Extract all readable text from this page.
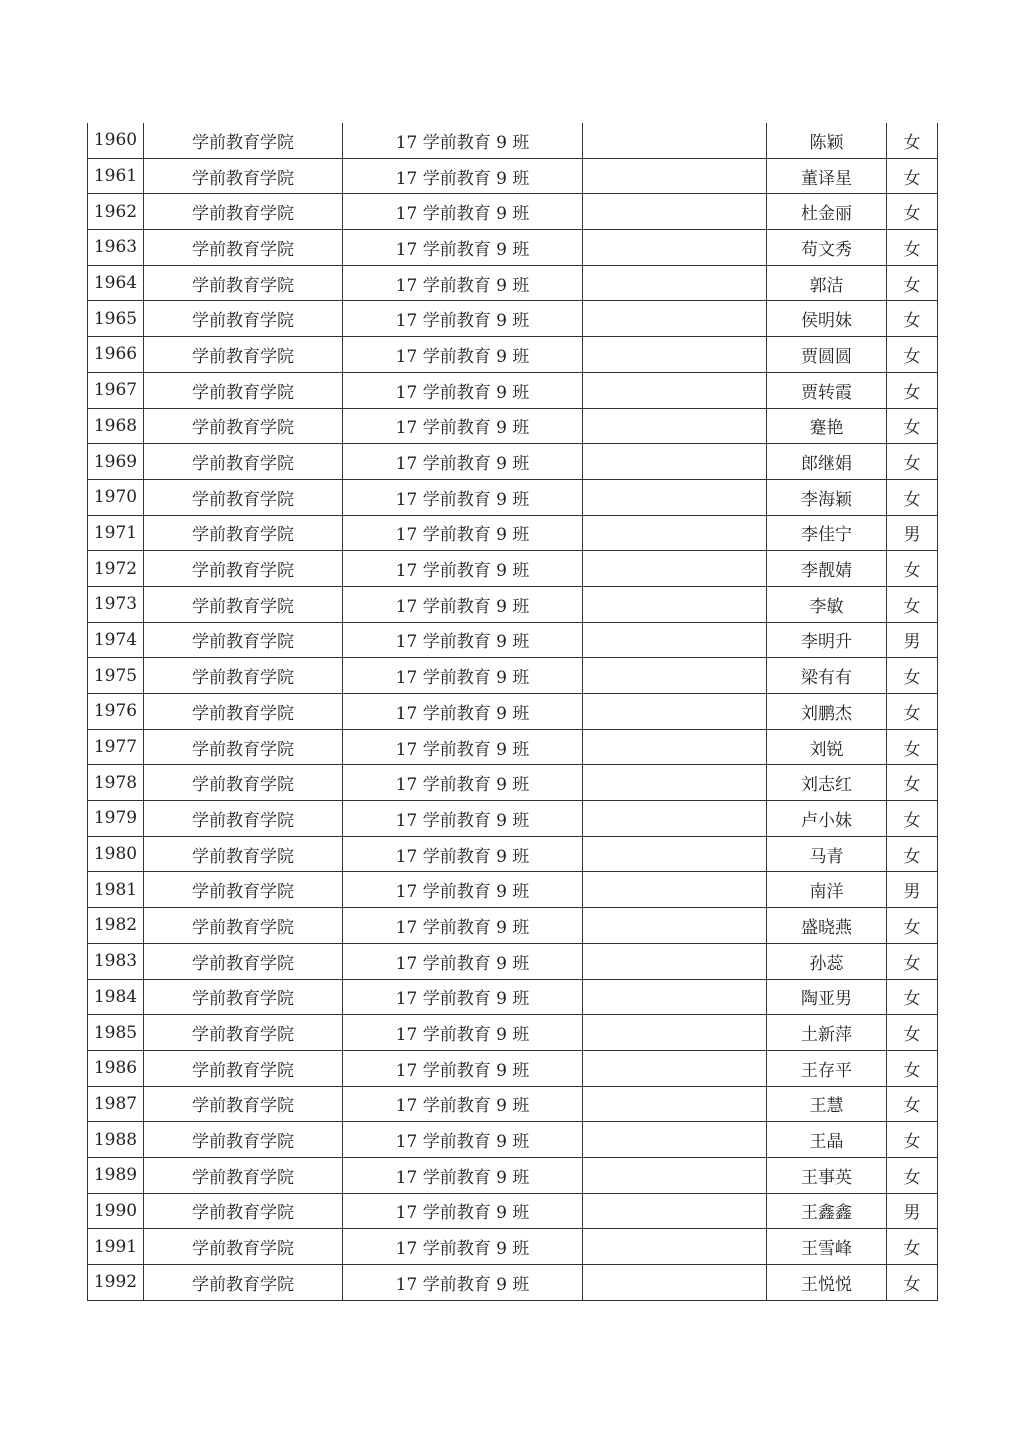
1960	学前教育学院	17 学前教育 9 班		陈颖	女
1961	学前教育学院	17 学前教育 9 班		董译星	女
1962	学前教育学院	17 学前教育 9 班		杜金丽	女
1963	学前教育学院	17 学前教育 9 班		苟文秀	女
1964	学前教育学院	17 学前教育 9 班		郭洁	女
1965	学前教育学院	17 学前教育 9 班		侯明妹	女
1966	学前教育学院	17 学前教育 9 班		贾圆圆	女
1967	学前教育学院	17 学前教育 9 班		贾转霞	女
1968	学前教育学院	17 学前教育 9 班		蹇艳	女
1969	学前教育学院	17 学前教育 9 班		郎继娟	女
1970	学前教育学院	17 学前教育 9 班		李海颖	女
1971	学前教育学院	17 学前教育 9 班		李佳宁	男
1972	学前教育学院	17 学前教育 9 班		李靓婧	女
1973	学前教育学院	17 学前教育 9 班		李敏	女
1974	学前教育学院	17 学前教育 9 班		李明升	男
1975	学前教育学院	17 学前教育 9 班		梁有有	女
1976	学前教育学院	17 学前教育 9 班		刘鹏杰	女
1977	学前教育学院	17 学前教育 9 班		刘锐	女
1978	学前教育学院	17 学前教育 9 班		刘志红	女
1979	学前教育学院	17 学前教育 9 班		卢小妹	女
1980	学前教育学院	17 学前教育 9 班		马青	女
1981	学前教育学院	17 学前教育 9 班		南洋	男
1982	学前教育学院	17 学前教育 9 班		盛晓燕	女
1983	学前教育学院	17 学前教育 9 班		孙蕊	女
1984	学前教育学院	17 学前教育 9 班		陶亚男	女
1985	学前教育学院	17 学前教育 9 班		土新萍	女
1986	学前教育学院	17 学前教育 9 班		王存平	女
1987	学前教育学院	17 学前教育 9 班		王慧	女
1988	学前教育学院	17 学前教育 9 班		王晶	女
1989	学前教育学院	17 学前教育 9 班		王事英	女
1990	学前教育学院	17 学前教育 9 班		王鑫鑫	男
1991	学前教育学院	17 学前教育 9 班		王雪峰	女
1992	学前教育学院	17 学前教育 9 班		王悦悦	女
